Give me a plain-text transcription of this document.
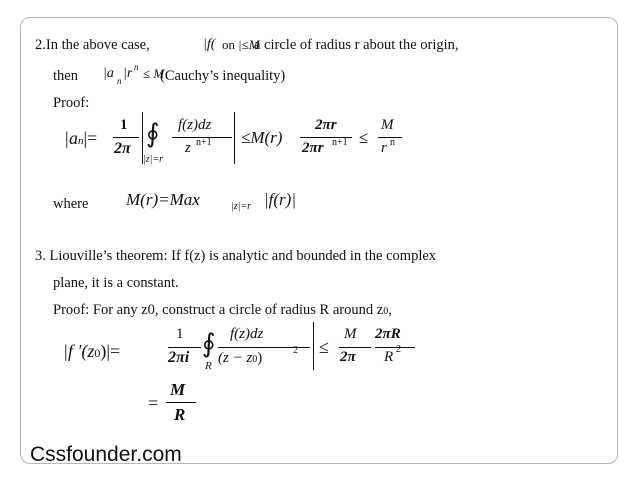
2.In the above case,	|f( on |≤M
a circle of radius r about the origin,
then |a n |r n ≤ M
(Cauchy’s inequality)
Proof:
|an|=
1
2π
∮
|z|=r
f(z)dz
z n+1 ≤M(r)
2πr
2πr n+1 ≤
M
r n
where M(r)=Max	|z|=r |f(r)|
3. Liouville’s theorem: If f(z) is analytic and bounded in the complex
plane, it is a constant.
Proof: For any z0, construct a circle of radius R around z0,
|f ′(z0)|=
1
2πi ∮
R
f(z)dz
(z − z0)	2 ≤
M
2π
2πR
R 2
=
M
R
Cssfounder.com
